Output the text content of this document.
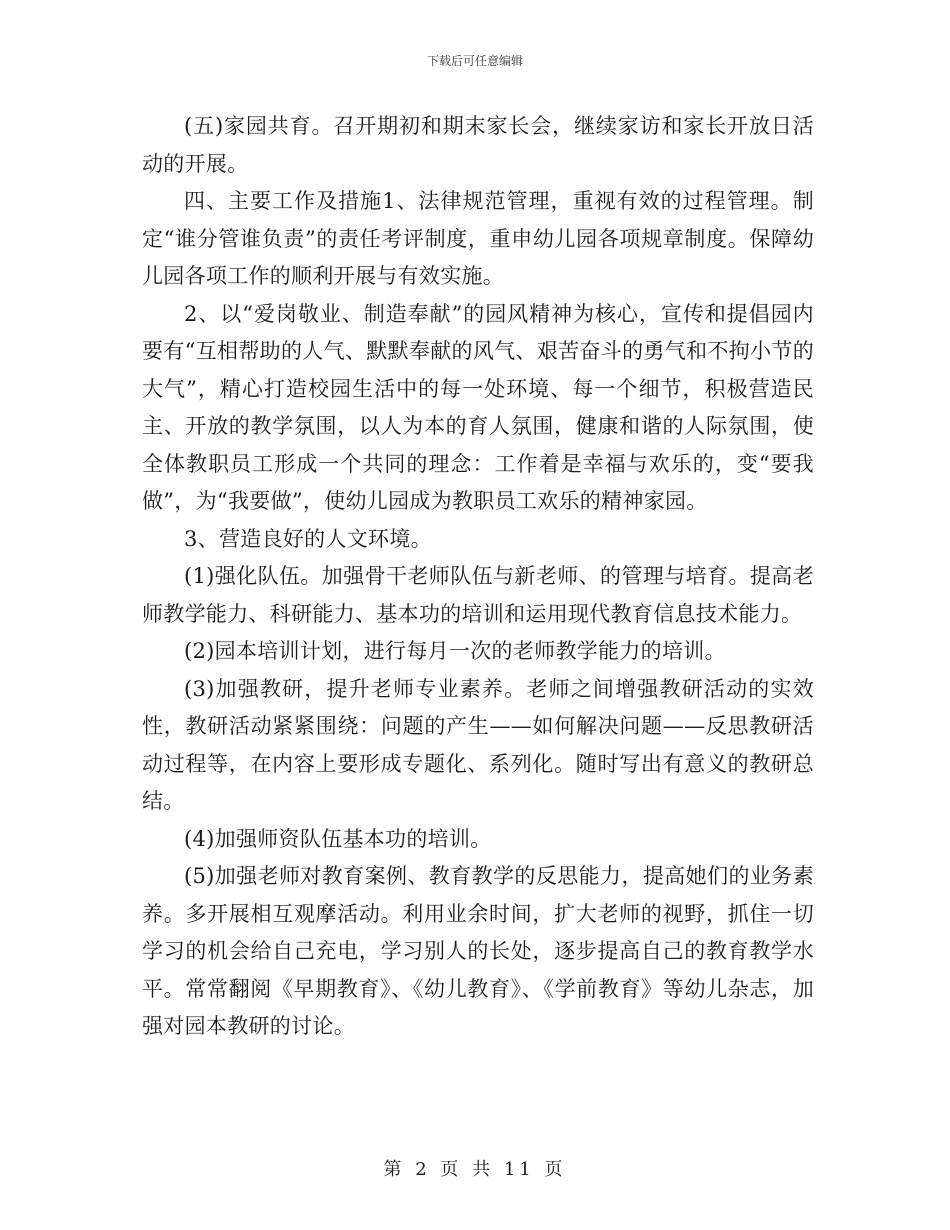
下载后可任意编辑

(五)家园共育。召开期初和期末家长会，继续家访和家长开放日活动的开展。

四、主要工作及措施1、法律规范管理，重视有效的过程管理。制定“谁分管谁负责”的责任考评制度，重申幼儿园各项规章制度。保障幼儿园各项工作的顺利开展与有效实施。

2、以“爱岗敬业、制造奉献”的园风精神为核心，宣传和提倡园内要有“互相帮助的人气、默默奉献的风气、艰苦奋斗的勇气和不拘小节的大气”，精心打造校园生活中的每一处环境、每一个细节，积极营造民主、开放的教学氛围，以人为本的育人氛围，健康和谐的人际氛围，使全体教职员工形成一个共同的理念：工作着是幸福与欢乐的，变“要我做”，为“我要做”，使幼儿园成为教职员工欢乐的精神家园。

3、营造良好的人文环境。

(1)强化队伍。加强骨干老师队伍与新老师、的管理与培育。提高老师教学能力、科研能力、基本功的培训和运用现代教育信息技术能力。

(2)园本培训计划，进行每月一次的老师教学能力的培训。

(3)加强教研，提升老师专业素养。老师之间增强教研活动的实效性，教研活动紧紧围绕：问题的产生——如何解决问题——反思教研活动过程等，在内容上要形成专题化、系列化。随时写出有意义的教研总结。

(4)加强师资队伍基本功的培训。

(5)加强老师对教育案例、教育教学的反思能力，提高她们的业务素养。多开展相互观摩活动。利用业余时间，扩大老师的视野，抓住一切学习的机会给自己充电，学习别人的长处，逐步提高自己的教育教学水平。常常翻阅《早期教育》、《幼儿教育》、《学前教育》等幼儿杂志，加强对园本教研的讨论。

第 2 页 共 11 页
